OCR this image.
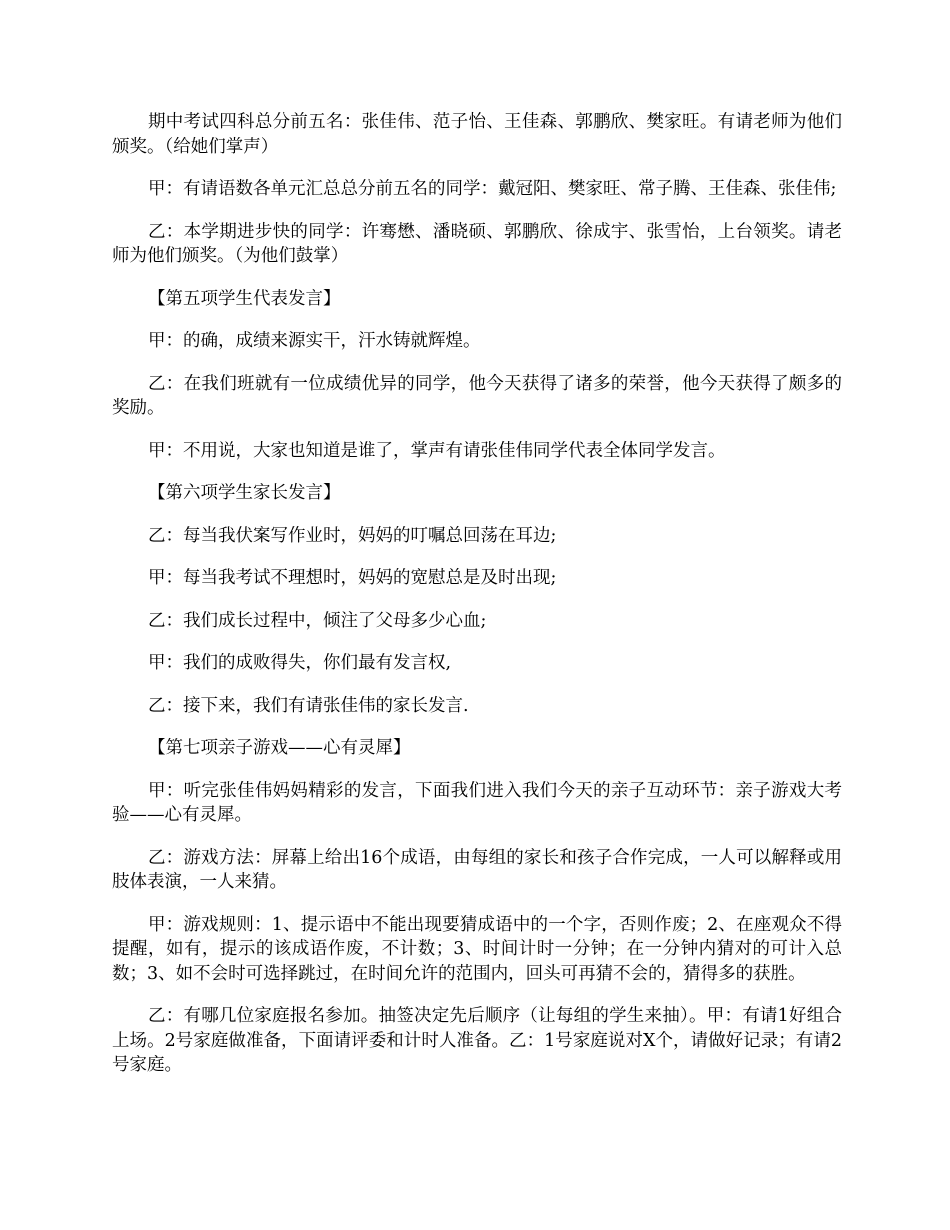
期中考试四科总分前五名：张佳伟、范子怡、王佳森、郭鹏欣、樊家旺。有请老师为他们颁奖。（给她们掌声）

甲：有请语数各单元汇总总分前五名的同学：戴冠阳、樊家旺、常子腾、王佳森、张佳伟;

乙：本学期进步快的同学：许骞懋、潘晓硕、郭鹏欣、徐成宇、张雪怡，上台领奖。请老师为他们颁奖。（为他们鼓掌）

【第五项学生代表发言】

甲：的确，成绩来源实干，汗水铸就辉煌。

乙：在我们班就有一位成绩优异的同学，他今天获得了诸多的荣誉，他今天获得了颇多的奖励。

甲：不用说，大家也知道是谁了，掌声有请张佳伟同学代表全体同学发言。

【第六项学生家长发言】

乙：每当我伏案写作业时，妈妈的叮嘱总回荡在耳边;

甲：每当我考试不理想时，妈妈的宽慰总是及时出现;

乙：我们成长过程中，倾注了父母多少心血;

甲：我们的成败得失，你们最有发言权,

乙：接下来，我们有请张佳伟的家长发言.

【第七项亲子游戏——心有灵犀】

甲：听完张佳伟妈妈精彩的发言，下面我们进入我们今天的亲子互动环节：亲子游戏大考验——心有灵犀。

乙：游戏方法：屏幕上给出16个成语，由每组的家长和孩子合作完成，一人可以解释或用肢体表演，一人来猜。

甲：游戏规则：1、提示语中不能出现要猜成语中的一个字，否则作废；2、在座观众不得提醒，如有，提示的该成语作废，不计数；3、时间计时一分钟；在一分钟内猜对的可计入总数；3、如不会时可选择跳过，在时间允许的范围内，回头可再猜不会的，猜得多的获胜。

乙：有哪几位家庭报名参加。抽签决定先后顺序（让每组的学生来抽）。甲：有请1好组合上场。2号家庭做准备，下面请评委和计时人准备。乙：1号家庭说对X个，请做好记录；有请2号家庭。
